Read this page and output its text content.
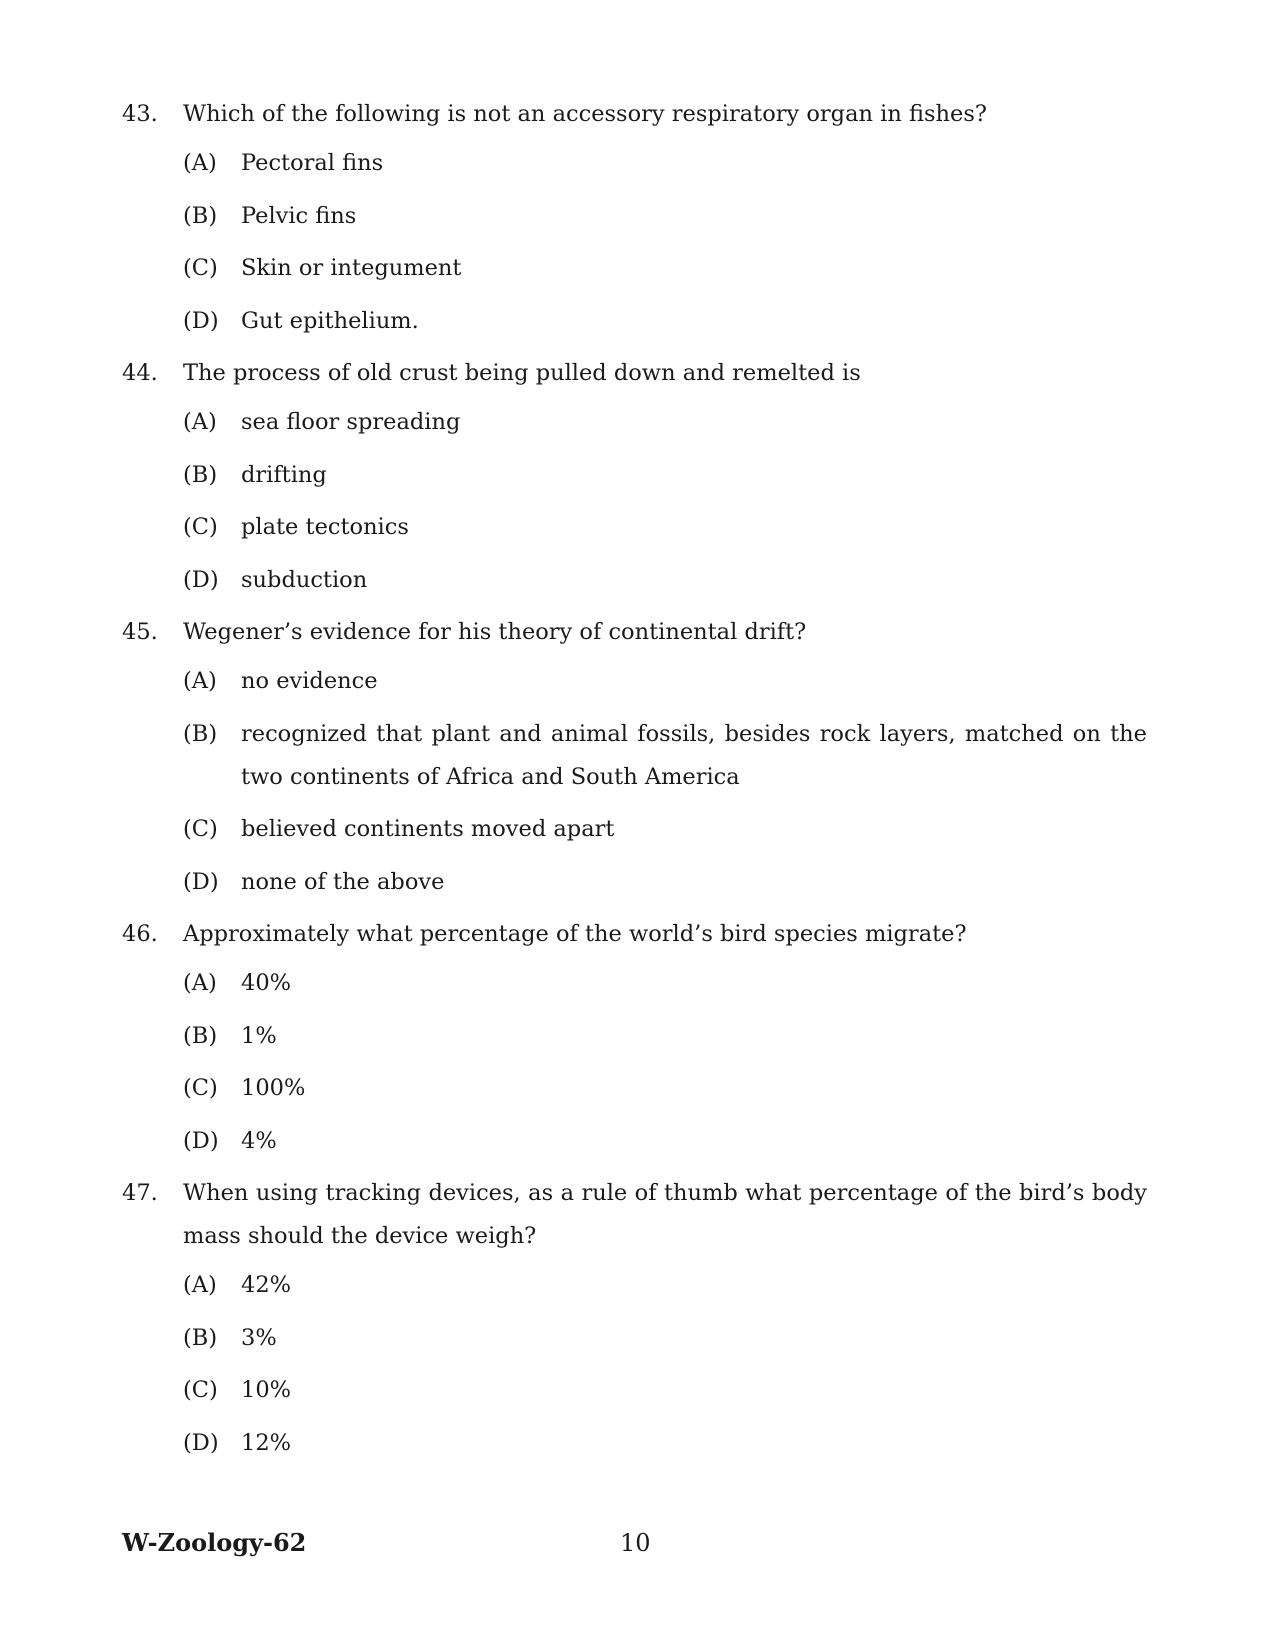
43.	Which of the following is not an accessory respiratory organ in fishes?
(A)	Pectoral fins
(B)	Pelvic fins
(C)	Skin or integument
(D) Gut epithelium.
44.	The process of old crust being pulled down and remelted is
(A)	sea floor spreading
(B)	drifting
(C)	plate tectonics
(D) subduction
45.	Wegener’s evidence for his theory of continental drift?
(A)	no evidence
(B)	recognized that plant and animal fossils, besides rock layers, matched on the two continents of Africa and South America
(C)	believed continents moved apart
(D) none of the above
46.	Approximately what percentage of the world’s bird species migrate?
(A)	40%
(B)	1%
(C)	100%
(D) 4%
47.	When using tracking devices, as a rule of thumb what percentage of the bird’s body mass should the device weigh?
(A)	42%
(B)	3%
(C)	10%
(D) 12%
W-Zoology-62	10
